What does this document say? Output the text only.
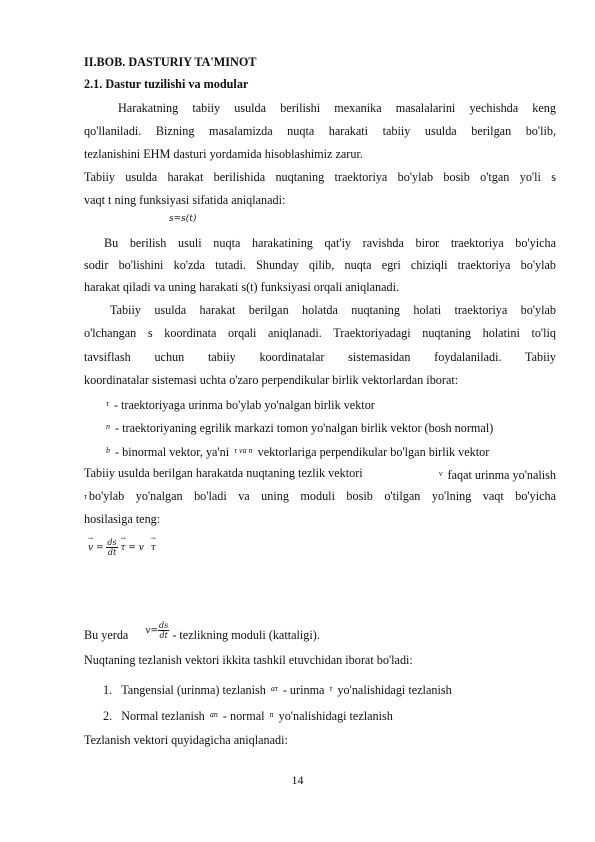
II.BOB. DASTURIY TA'MINOT
2.1. Dastur tuzilishi va modular
Harakatning tabiiy usulda berilishi mexanika masalalarini yechishda keng
qo'llaniladi. Bizning masalamizda nuqta harakati tabiiy usulda berilgan bo'lib,
tezlanishini EHM dasturi yordamida hisoblashimiz zarur.
Tabiiy usulda harakat berilishida nuqtaning traektoriya bo'ylab bosib o'tgan yo'li s
vaqt t ning funksiyasi sifatida aniqlanadi:
s=s(t)
Bu berilish usuli nuqta harakatining qat'iy ravishda biror traektoriya bo'yicha
sodir bo'lishini ko'zda tutadi. Shunday qilib, nuqta egri chiziqli traektoriya bo'ylab
harakat qiladi va uning harakati s(t) funksiyasi orqali aniqlanadi.
Tabiiy usulda harakat berilgan holatda nuqtaning holati traektoriya bo'ylab
o'lchangan s koordinata orqali aniqlanadi. Traektoriyadagi nuqtaning holatini to'liq
tavsiflash uchun tabiiy koordinatalar sistemasidan foydalaniladi. Tabiiy
koordinatalar sistemasi uchta o'zaro perpendikular birlik vektorlardan iborat:
τ - traektoriyaga urinma bo'ylab yo'nalgan birlik vektor
n - traektoriyaning egrilik markazi tomon yo'nalgan birlik vektor (bosh normal)
b - binormal vektor, ya'ni τ va n vektorlariga perpendikular bo'lgan birlik vektor
Tabiiy usulda berilgan harakatda nuqtaning tezlik vektori	v faqat urinma yo'nalish
τ bo'ylab yo'nalgan bo'ladi va uning moduli bosib o'tilgan yo'lning vaqt bo'yicha
hosilasiga teng:
→ $v = \frac{ds}{dt}$
→ τ = v → τ
Bu yerda $v= \frac{ds}{dt}$ - tezlikning moduli (kattaligi).
Nuqtaning tezlanish vektori ikkita tashkil etuvchidan iborat bo'ladi:
1. Tangensial (urinma) tezlanish aτ - urinma τ yo'nalishidagi tezlanish
2. Normal tezlanish an - normal n yo'nalishidagi tezlanish
Tezlanish vektori quyidagicha aniqlanadi:
14
